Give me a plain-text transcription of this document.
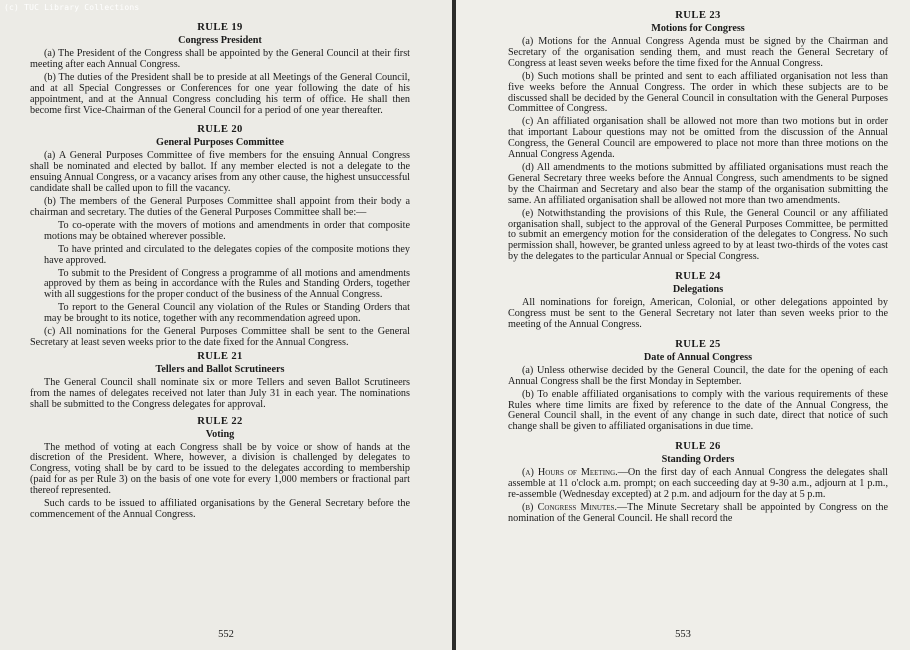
(c) TUC Library Collections
RULE 19
Congress President

(a) The President of the Congress shall be appointed by the General Council at their first meeting after each Annual Congress.

(b) The duties of the President shall be to preside at all Meetings of the General Council, and at all Special Congresses or Conferences for one year following the date of his appointment, and at the Annual Congress concluding his term of office. He shall then become first Vice-Chairman of the General Council for a period of one year thereafter.

RULE 20
General Purposes Committee

(a) A General Purposes Committee of five members for the ensuing Annual Congress shall be nominated and elected by ballot. If any member elected is not a delegate to the ensuing Annual Congress, or a vacancy arises from any other cause, the highest unsuccessful candidate shall be called upon to fill the vacancy.

(b) The members of the General Purposes Committee shall appoint from their body a chairman and secretary. The duties of the General Purposes Committee shall be:—

To co-operate with the movers of motions and amendments in order that composite motions may be obtained wherever possible.

To have printed and circulated to the delegates copies of the composite motions they have approved.

To submit to the President of Congress a programme of all motions and amendments approved by them as being in accordance with the Rules and Standing Orders, together with all suggestions for the proper conduct of the business of the Annual Congress.

To report to the General Council any violation of the Rules or Standing Orders that may be brought to its notice, together with any recommendation agreed upon.

(c) All nominations for the General Purposes Committee shall be sent to the General Secretary at least seven weeks prior to the date fixed for the Annual Congress.

RULE 21
Tellers and Ballot Scrutineers

The General Council shall nominate six or more Tellers and seven Ballot Scrutineers from the names of delegates received not later than July 31 in each year. The nominations shall be submitted to the Congress delegates for approval.

RULE 22
Voting

The method of voting at each Congress shall be by voice or show of hands at the discretion of the President. Where, however, a division is challenged by delegates to Congress, voting shall be by card to be issued to the delegates according to membership (paid for as per Rule 3) on the basis of one vote for every 1,000 members or fractional part thereof represented.

Such cards to be issued to affiliated organisations by the General Secretary before the commencement of the Annual Congress.

552
RULE 23
Motions for Congress

(a) Motions for the Annual Congress Agenda must be signed by the Chairman and Secretary of the organisation sending them, and must reach the General Secretary of Congress at least seven weeks before the time fixed for the Annual Congress.

(b) Such motions shall be printed and sent to each affiliated organisation not less than five weeks before the Annual Congress. The order in which these subjects are to be discussed shall be decided by the General Council in consultation with the General Purposes Committee of Congress.

(c) An affiliated organisation shall be allowed not more than two motions but in order that important Labour questions may not be omitted from the discussion of the Annual Congress, the General Council are empowered to place not more than three motions on the Annual Congress Agenda.

(d) All amendments to the motions submitted by affiliated organisations must reach the General Secretary three weeks before the Annual Congress, such amendments to be signed by the Chairman and Secretary and also bear the stamp of the organisation submitting the same. An affiliated organisation shall be allowed not more than two amendments.

(e) Notwithstanding the provisions of this Rule, the General Council or any affiliated organisation shall, subject to the approval of the General Purposes Committee, be permitted to submit an emergency motion for the consideration of the delegates to Congress. No such permission shall, however, be granted unless agreed to by at least two-thirds of the votes cast by the delegates to the particular Annual or Special Congress.

RULE 24
Delegations

All nominations for foreign, American, Colonial, or other delegations appointed by Congress must be sent to the General Secretary not later than seven weeks prior to the meeting of the Annual Congress.

RULE 25
Date of Annual Congress

(a) Unless otherwise decided by the General Council, the date for the opening of each Annual Congress shall be the first Monday in September.

(b) To enable affiliated organisations to comply with the various requirements of these Rules where time limits are fixed by reference to the date of the Annual Congress, the General Council shall, in the event of any change in such date, direct that notice of such change shall be given to affiliated organisations in due time.

RULE 26
Standing Orders

(a) Hours of Meeting.—On the first day of each Annual Congress the delegates shall assemble at 11 o'clock a.m. prompt; on each succeeding day at 9-30 a.m., adjourn at 1 p.m., re-assemble (Wednesday excepted) at 2 p.m. and adjourn for the day at 5 p.m.

(b) Congress Minutes.—The Minute Secretary shall be appointed by Congress on the nomination of the General Council. He shall record the

553
